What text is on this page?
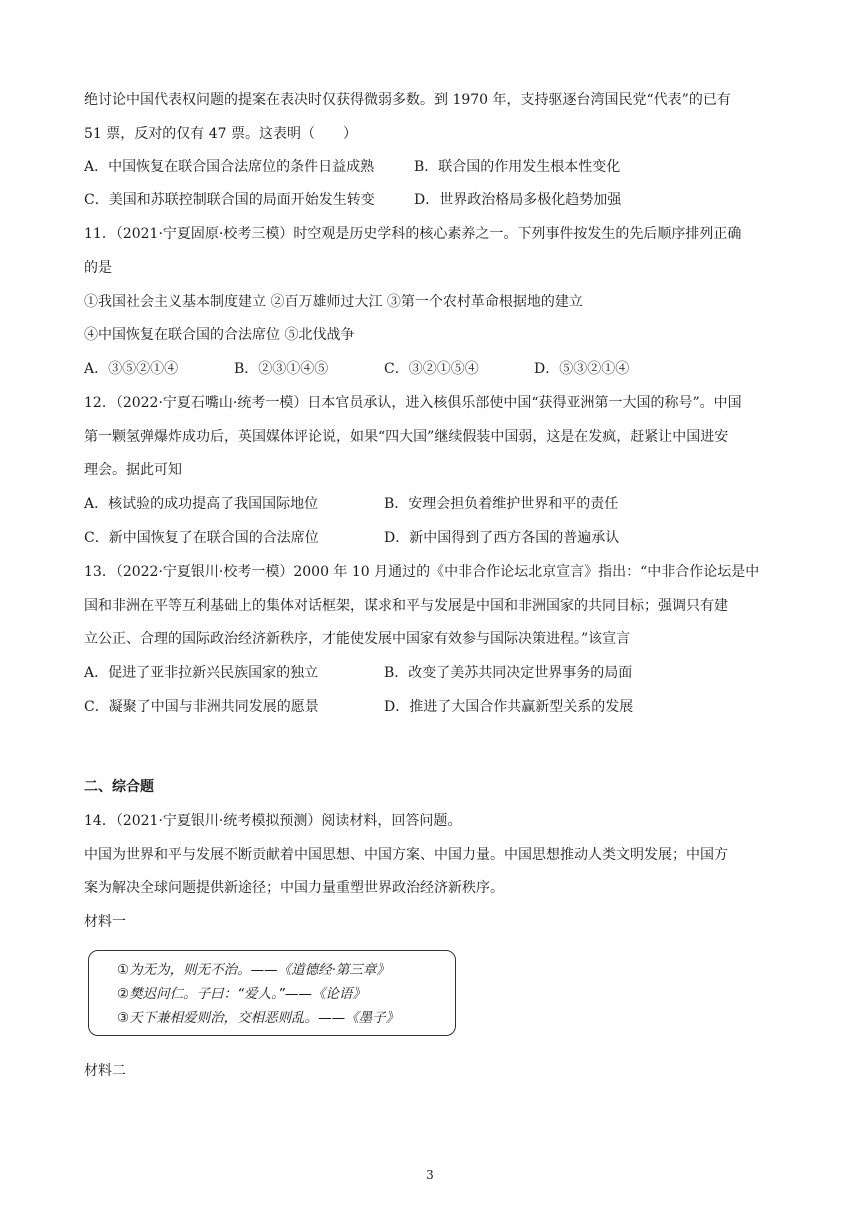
绝讨论中国代表权问题的提案在表决时仅获得微弱多数。到 1970 年，支持驱逐台湾国民党“代表”的已有
51 票，反对的仅有 47 票。这表明（　　）
A．中国恢复在联合国合法席位的条件日益成熟	B．联合国的作用发生根本性变化
C．美国和苏联控制联合国的局面开始发生转变	D．世界政治格局多极化趋势加强
11．（2021·宁夏固原·校考三模）时空观是历史学科的核心素养之一。下列事件按发生的先后顺序排列正确
的是
①我国社会主义基本制度建立 ②百万雄师过大江 ③第一个农村革命根据地的建立
④中国恢复在联合国的合法席位 ⑤北伐战争
A．③⑤②①④	B．②③①④⑤	C．③②①⑤④	D．⑤③②①④
12．（2022·宁夏石嘴山·统考一模）日本官员承认，进入核俱乐部使中国“获得亚洲第一大国的称号”。中国
第一颗氢弹爆炸成功后，英国媒体评论说，如果“四大国”继续假装中国弱，这是在发疯，赶紧让中国进安
理会。据此可知
A．核试验的成功提高了我国国际地位	B．安理会担负着维护世界和平的责任
C．新中国恢复了在联合国的合法席位	D．新中国得到了西方各国的普遍承认
13．（2022·宁夏银川·校考一模）2000 年 10 月通过的《中非合作论坛北京宣言》指出：“中非合作论坛是中
国和非洲在平等互利基础上的集体对话框架，谋求和平与发展是中国和非洲国家的共同目标；强调只有建
立公正、合理的国际政治经济新秩序，才能使发展中国家有效参与国际决策进程。”该宣言
A．促进了亚非拉新兴民族国家的独立	B．改变了美苏共同决定世界事务的局面
C．凝聚了中国与非洲共同发展的愿景	D．推进了大国合作共赢新型关系的发展
二、综合题
14．（2021·宁夏银川·统考模拟预测）阅读材料，回答问题。
中国为世界和平与发展不断贡献着中国思想、中国方案、中国力量。中国思想推动人类文明发展；中国方
案为解决全球问题提供新途径；中国力量重塑世界政治经济新秩序。
材料一
①为无为，则无不治。——《道德经·第三章》
②樊迟问仁。子曰：“爱人。”——《论语》
③天下兼相爱则治，交相恶则乱。——《墨子》
材料二
3
